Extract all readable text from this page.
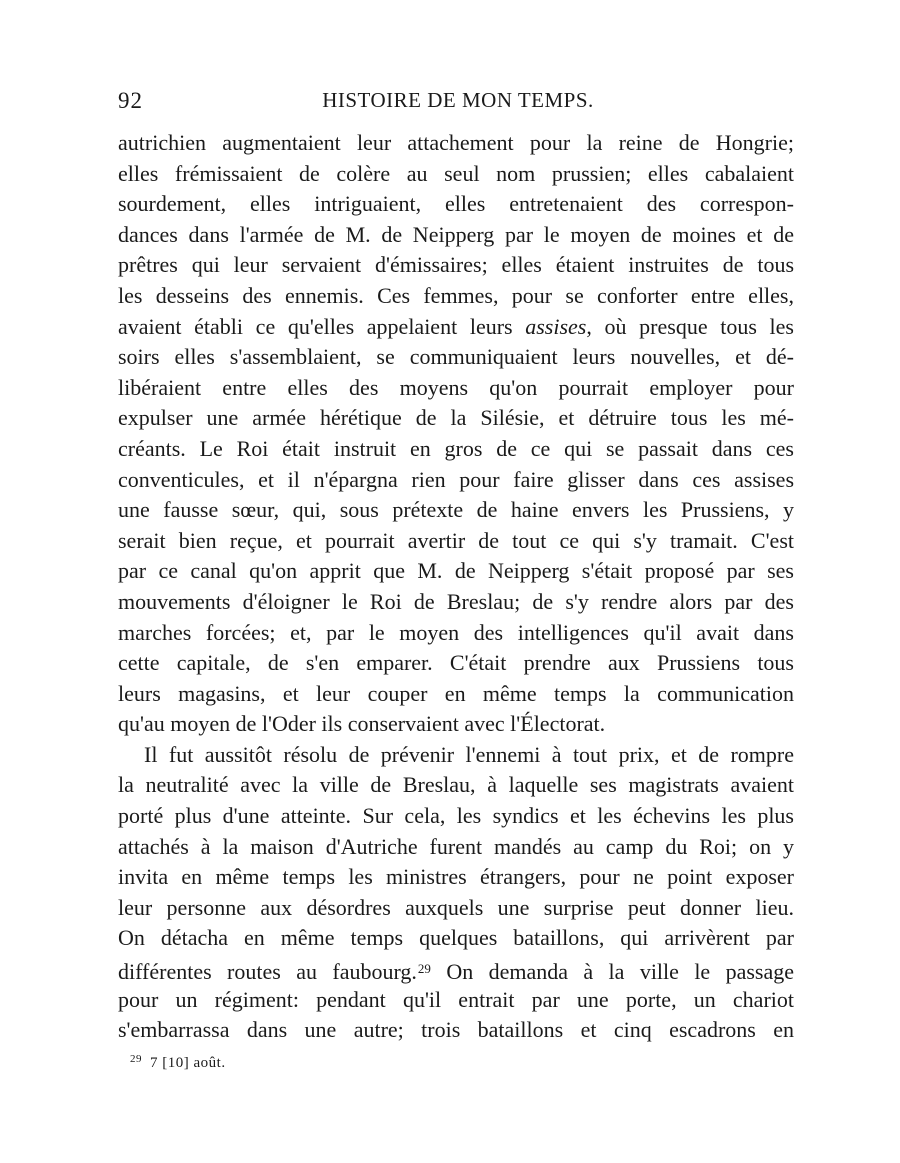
92	HISTOIRE DE MON TEMPS.
autrichien augmentaient leur attachement pour la reine de Hongrie;
elles frémissaient de colère au seul nom prussien; elles cabalaient
sourdement, elles intriguaient, elles entretenaient des correspon-
dances dans l'armée de M. de Neipperg par le moyen de moines et de
prêtres qui leur servaient d'émissaires; elles étaient instruites de tous
les desseins des ennemis. Ces femmes, pour se conforter entre elles,
avaient établi ce qu'elles appelaient leurs assises, où presque tous les
soirs elles s'assemblaient, se communiquaient leurs nouvelles, et dé-
libéraient entre elles des moyens qu'on pourrait employer pour
expulser une armée hérétique de la Silésie, et détruire tous les mé-
créants. Le Roi était instruit en gros de ce qui se passait dans ces
conventicules, et il n'épargna rien pour faire glisser dans ces assises
une fausse sœur, qui, sous prétexte de haine envers les Prussiens, y
serait bien reçue, et pourrait avertir de tout ce qui s'y tramait. C'est
par ce canal qu'on apprit que M. de Neipperg s'était proposé par ses
mouvements d'éloigner le Roi de Breslau; de s'y rendre alors par des
marches forcées; et, par le moyen des intelligences qu'il avait dans
cette capitale, de s'en emparer. C'était prendre aux Prussiens tous
leurs magasins, et leur couper en même temps la communication
qu'au moyen de l'Oder ils conservaient avec l'Électorat.
Il fut aussitôt résolu de prévenir l'ennemi à tout prix, et de rompre
la neutralité avec la ville de Breslau, à laquelle ses magistrats avaient
porté plus d'une atteinte. Sur cela, les syndics et les échevins les plus
attachés à la maison d'Autriche furent mandés au camp du Roi; on y
invita en même temps les ministres étrangers, pour ne point exposer
leur personne aux désordres auxquels une surprise peut donner lieu.
On détacha en même temps quelques bataillons, qui arrivèrent par
différentes routes au faubourg.$^{29}$ On demanda à la ville le passage
pour un régiment: pendant qu'il entrait par une porte, un chariot
s'embarrassa dans une autre; trois bataillons et cinq escadrons en
$^{29}$ 7 [10] août.
